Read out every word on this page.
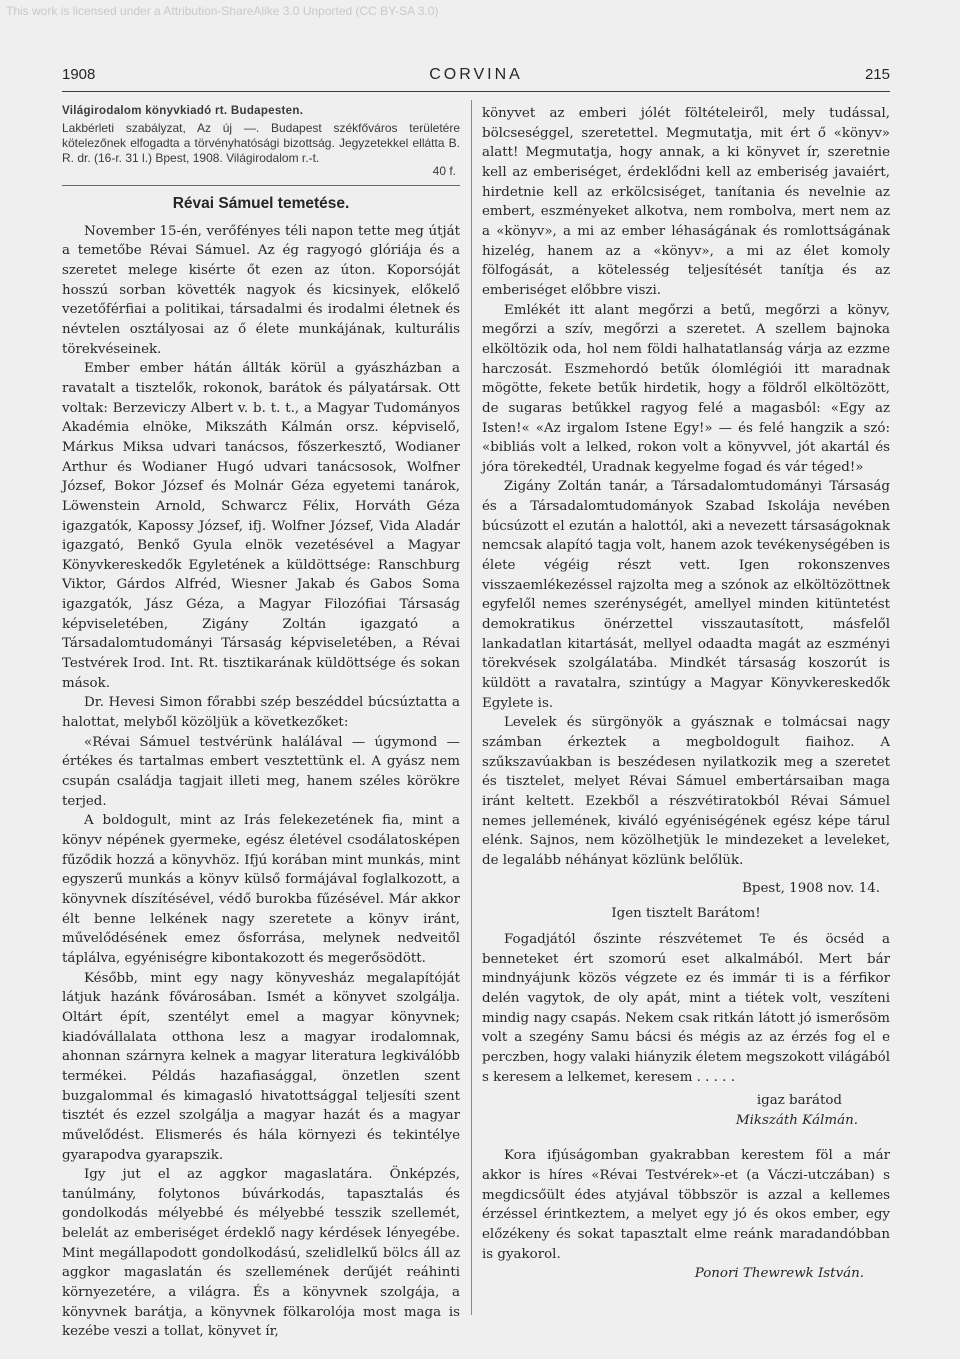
This work is licensed under a Attribution-ShareAlike 3.0 Unported (CC BY-SA 3.0)
1908	CORVINA	215
Világirodalom könyvkiadó rt. Budapesten.
Lakbérleti szabályzat, Az új —. Budapest székfőváros területére kötelezőnek elfogadta a törvényhatósági bizottság. Jegyzetekkel ellátta B. R. dr. (16-r. 31 l.) Bpest, 1908. Világirodalom r.-t.
40 f.
Révai Sámuel temetése.

November 15-én, verőfényes téli napon tette meg útját a temetőbe Révai Sámuel. Az ég ragyogó glóriája és a szeretet melege kisérte őt ezen az úton. Koporsóját hosszú sorban követték nagyok és kicsinyek, előkelő vezetőférfiai a politikai, társadalmi és irodalmi életnek és névtelen osztályosai az ő élete munkájának, kulturális törekvéseinek.

Ember ember hátán állták körül a gyászházban a ravatalt a tisztelők, rokonok, barátok és pályatársak. Ott voltak: Berzeviczy Albert v. b. t. t., a Magyar Tudományos Akadémia elnöke, Mikszáth Kálmán orsz. képviselő, Márkus Miksa udvari tanácsos, főszerkesztő, Wodianer Arthur és Wodianer Hugó udvari tanácsosok, Wolfner József, Bokor József és Molnár Géza egyetemi tanárok, Löwenstein Arnold, Schwarcz Félix, Horváth Géza igazgatók, Kapossy József, ifj. Wolfner József, Vida Aladár igazgató, Benkő Gyula elnök vezetésével a Magyar Könyvkereskedők Egyletének a küldöttsége: Ranschburg Viktor, Gárdos Alfréd, Wiesner Jakab és Gabos Soma igazgatók, Jász Géza, a Magyar Filozófiai Társaság képviseletében, Zigány Zoltán igazgató a Társadalomtudományi Társaság képviseletében, a Révai Testvérek Irod. Int. Rt. tisztikarának küldöttsége és sokan mások.

Dr. Hevesi Simon főrabbi szép beszéddel búcsúztatta a halottat, melyből közöljük a következőket:

«Révai Sámuel testvérünk halálával — úgymond — értékes és tartalmas embert vesztettünk el. A gyász nem csupán családja tagjait illeti meg, hanem széles körökre terjed.

A boldogult, mint az Irás felekezetének fia, mint a könyv népének gyermeke, egész életével csodálatosképen fűződik hozzá a könyvhöz. Ifjú korában mint munkás, mint egyszerű munkás a könyv külső formájával foglalkozott, a könyvnek díszítésével, védő burokba fűzésével. Már akkor élt benne lelkének nagy szeretete a könyv iránt, művelődésének emez ősforrása, melynek nedveitől táplálva, egyéniségre kibontakozott és megerősödött.

Később, mint egy nagy könyvesház megalapítóját látjuk hazánk fővárosában. Ismét a könyvet szolgálja. Oltárt épít, szentélyt emel a magyar könyvnek; kiadóvállalata otthona lesz a magyar irodalomnak, ahonnan szárnyra kelnek a magyar literatura legkiválóbb termékei. Példás hazafiasággal, önzetlen szent buzgalommal és kimagasló hivatottsággal teljesíti szent tisztét és ezzel szolgálja a magyar hazát és a magyar művelődést. Elismerés és hála környezi és tekintélye gyarapodva gyarapszik.

Igy jut el az aggkor magaslatára. Önképzés, tanúlmány, folytonos búvárkodás, tapasztalás és gondolkodás mélyebbé és mélyebbé tesszik szellemét, belelát az emberiséget érdeklő nagy kérdések lényegébe. Mint megállapodott gondolkodású, szelidlelkű bölcs áll az aggkor magaslatán és szellemének derűjét reáhinti környezetére, a világra. És a könyvnek szolgája, a könyvnek barátja, a könyvnek fölkarolója most maga is kezébe veszi a tollat, könyvet ír,

könyvet az emberi jólét föltételeiről, mely tudással, bölcseséggel, szeretettel. Megmutatja, mit ért ő «könyv» alatt! Megmutatja, hogy annak, a ki könyvet ír, szeretnie kell az emberiséget, érdeklődni kell az emberiség javaiért, hirdetnie kell az erkölcsiséget, tanítania és nevelnie az embert, eszményeket alkotva, nem rombolva, mert nem az a «könyv», a mi az ember léhaságának és romlottságának hizelég, hanem az a «könyv», a mi az élet komoly fölfogását, a kötelesség teljesítését tanítja és az emberiséget előbbre viszi.

Emlékét itt alant megőrzi a betű, megőrzi a könyv, megőrzi a szív, megőrzi a szeretet. A szellem bajnoka elköltözik oda, hol nem földi halhatatlanság várja az ezzme harczosát. Eszmehordó betűk ólomlégiói itt maradnak mögötte, fekete betűk hirdetik, hogy a földről elköltözött, de sugaras betűkkel ragyog felé a magasból: «Egy az Isten!« «Az irgalom Istene Egy!» — és felé hangzik a szó: «bibliás volt a lelked, rokon volt a könyvvel, jót akartál és jóra törekedtél, Uradnak kegyelme fogad és vár téged!»

Zigány Zoltán tanár, a Társadalomtudományi Társaság és a Társadalomtudományok Szabad Iskolája nevében búcsúzott el ezután a halottól, aki a nevezett társaságoknak nemcsak alapító tagja volt, hanem azok tevékenységében is élete végéig részt vett. Igen rokonszenves visszaemlékezéssel rajzolta meg a szónok az elköltözöttnek egyfelől nemes szerénységét, amellyel minden kitüntetést demokratikus önérzettel visszautasított, másfelől lankadatlan kitartását, mellyel odaadta magát az eszményi törekvések szolgálatába. Mindkét társaság koszorút is küldött a ravatalra, szintúgy a Magyar Könyvkereskedők Egylete is.

Levelek és sürgönyök a gyásznak e tolmácsai nagy számban érkeztek a megboldogult fiaihoz. A szűkszavúakban is beszédesen nyilatkozik meg a szeretet és tisztelet, melyet Révai Sámuel embertársaiban maga iránt keltett. Ezekből a részvétiratokból Révai Sámuel nemes jellemének, kiváló egyéniségének egész képe tárul elénk. Sajnos, nem közölhetjük le mindezeket a leveleket, de legalább néhányat közlünk belőlük.

Bpest, 1908 nov. 14.

Igen tisztelt Barátom!

Fogadjától őszinte részvétemet Te és öcséd a benneteket ért szomorú eset alkalmából. Mert bár mindnyájunk közös végzete ez és immár ti is a férfikor delén vagytok, de oly apát, mint a tiétek volt, veszíteni mindig nagy csapás. Nekem csak ritkán látott jó ismerősöm volt a szegény Samu bácsi és mégis az az érzés fog el e perczben, hogy valaki hiányzik életem megszokott világából s keresem a lelkemet, keresem . . . . .

igaz barátod

Mikszáth Kálmán.

Kora ifjúságomban gyakrabban kerestem föl a már akkor is híres «Révai Testvérek»-et (a Váczi-utczában) s megdicsőült édes atyjával többször is azzal a kellemes érzéssel érintkeztem, a melyet egy jó és okos ember, egy előzékeny és sokat tapasztalt elme reánk maradandóbban is gyakorol.

Ponori Thewrewk István.
